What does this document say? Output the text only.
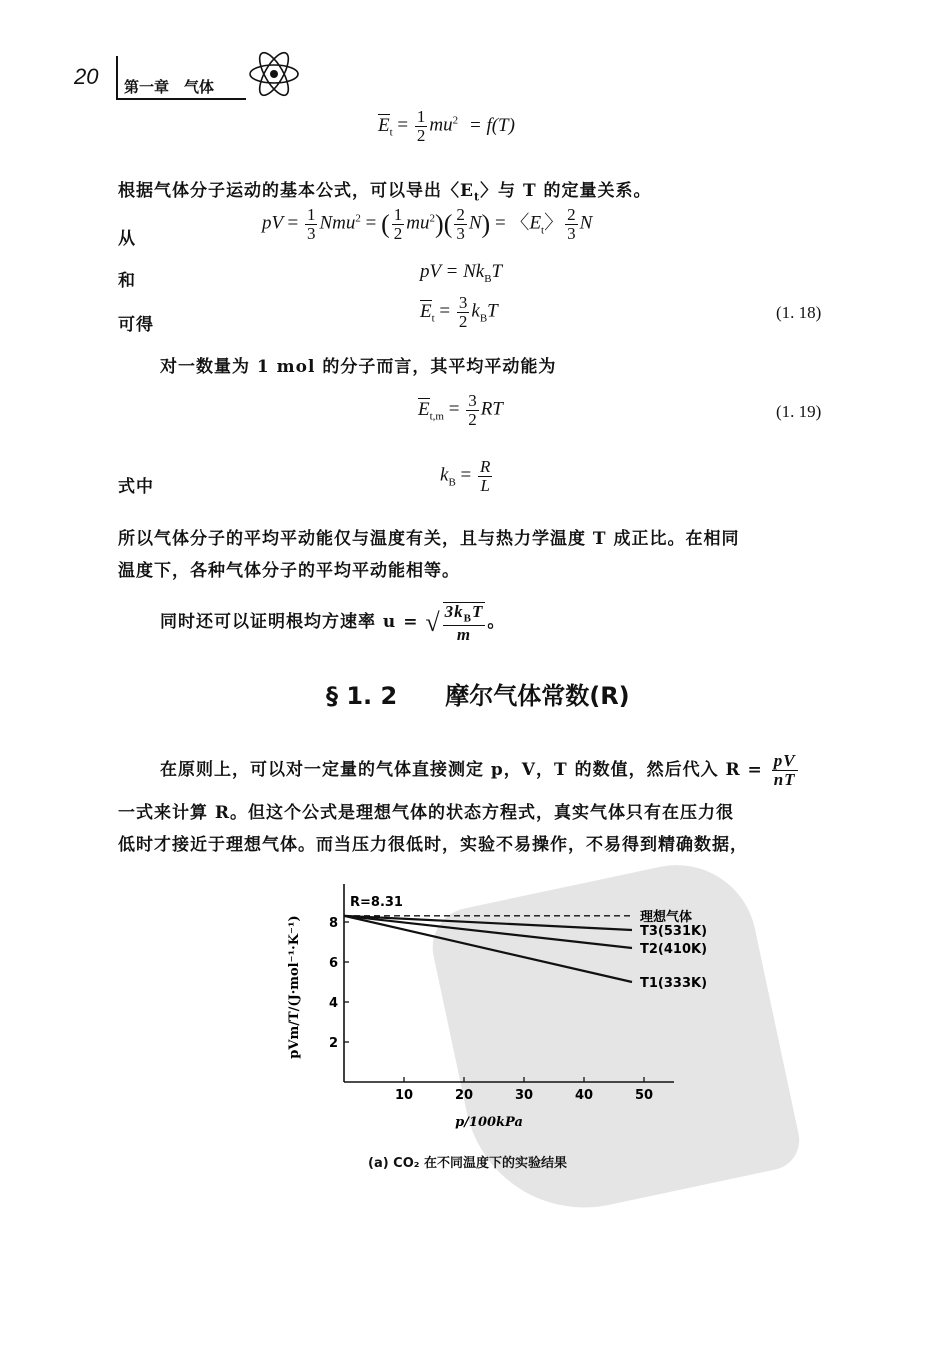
20 第一章　气体
$E_t = \frac{1}{2} mu^2 = f(T)$
根据气体分子运动的基本公式，可以导出〈$E_t$〉与 T 的定量关系。
从
pV = $\frac{1}{3} Nmu^2$ = ( $\frac{1}{2} mu^2)( \frac{2}{3} N)$ = 〈$E_t$〉 $\frac{2}{3}$ N
和	pV = $Nk_BT$
可得
$E_t = \frac{3}{2} k_BT$	(1. 18)
对一数量为 1 mol 的分子而言，其平均平动能为
$E_{t,m} = \frac{3}{2}$ RT	(1. 19)
式中
$k_B = \frac{R}{L}$
所以气体分子的平均平动能仅与温度有关，且与热力学温度 T 成正比。在相同
温度下，各种气体分子的平均平动能相等。
同时还可以证明根均方速率 u = √ $\frac{3k_BT}{m}$ 。
§ 1. 2　　摩尔气体常数(R)
在原则上，可以对一定量的气体直接测定 p，V，T 的数值，然后代入 $R = \frac{pV}{nT}$
一式来计算 R。但这个公式是理想气体的状态方程式，真实气体只有在压力很
低时才接近于理想气体。而当压力很低时，实验不易操作，不易得到精确数据，
10	20	30	40	50
2
4
6
8	理想气体
T3(531K)
T2(410K)
T1(333K)
R=8.31
p/100kPa
pVm/T/(J·mol⁻¹·K⁻¹)
(a) CO₂ 在不同温度下的实验结果
